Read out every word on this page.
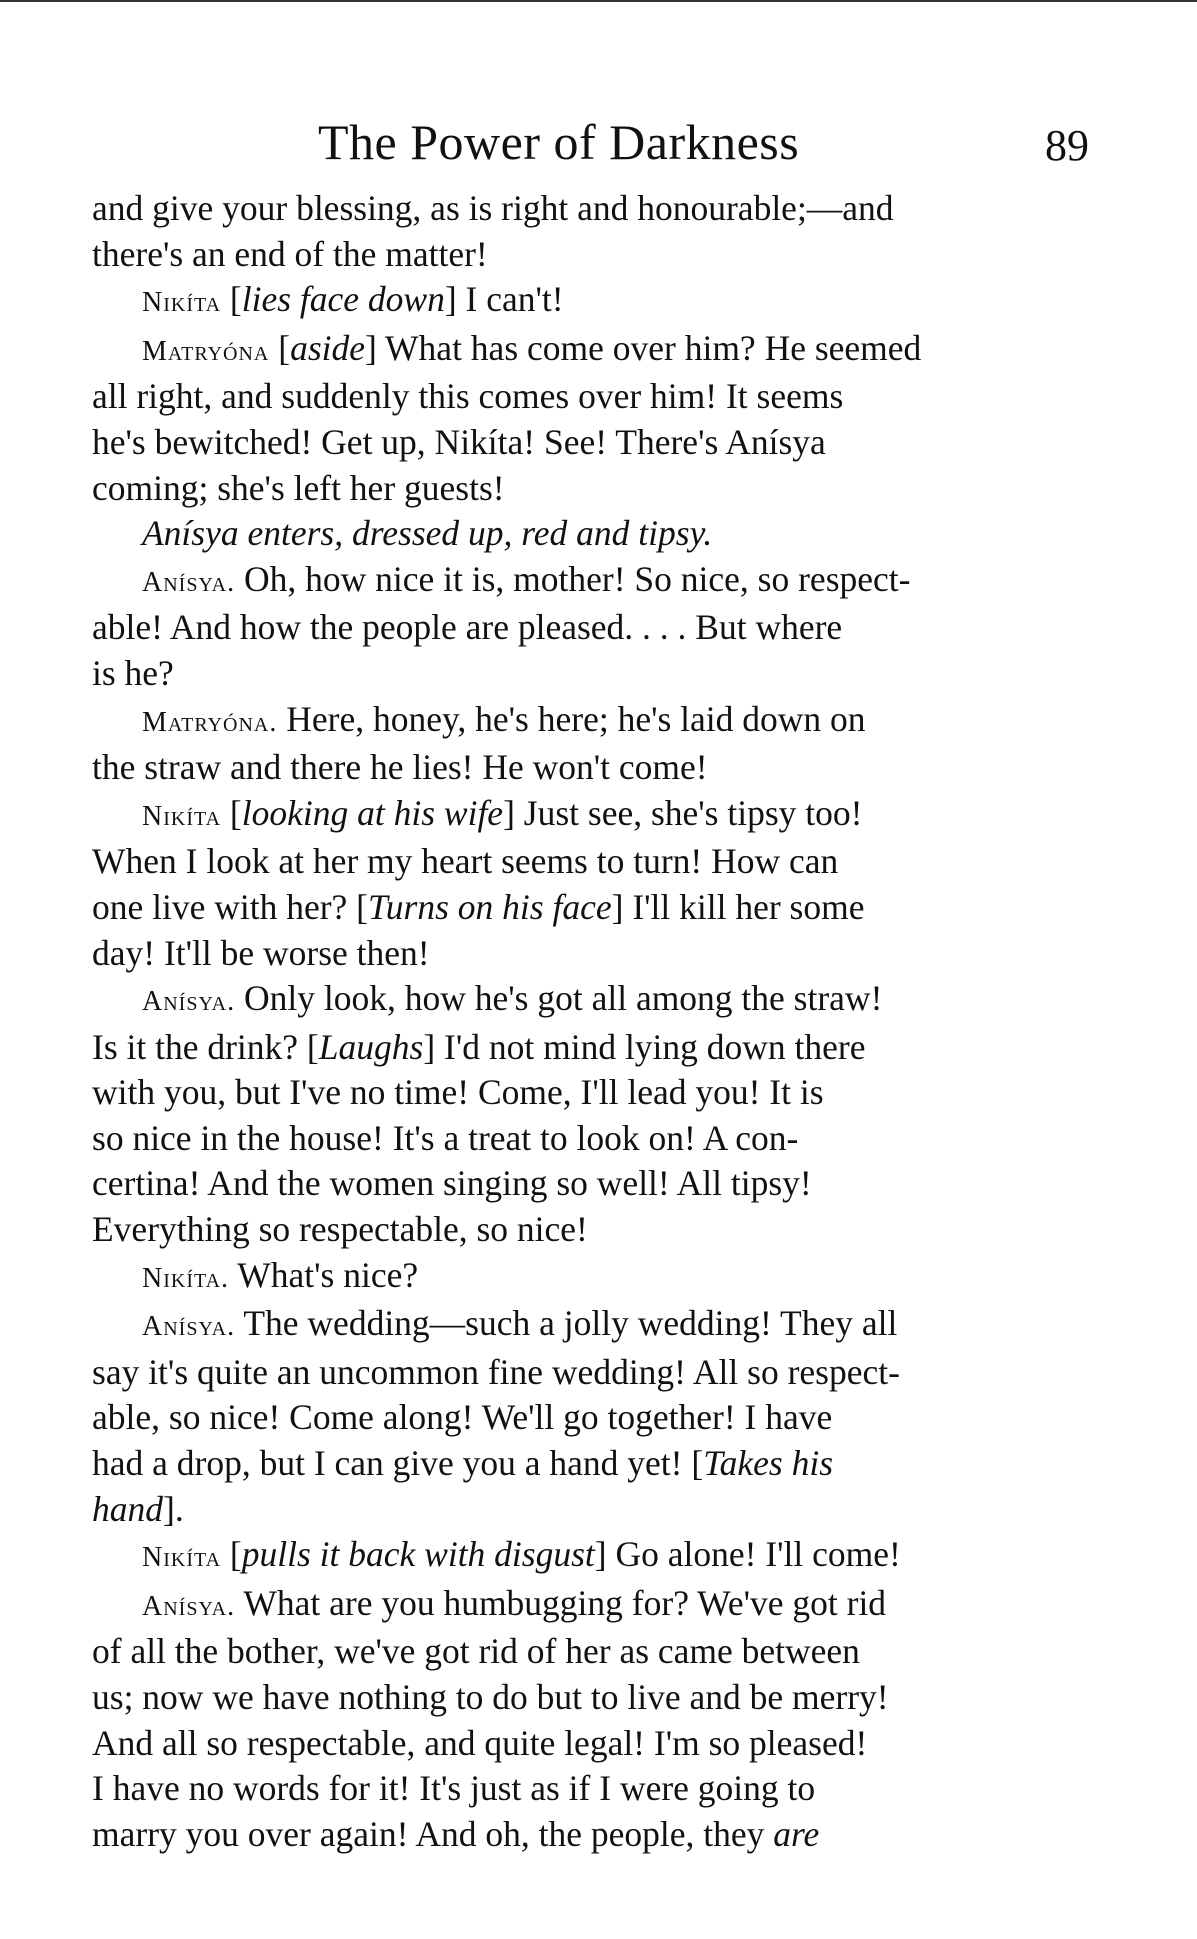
The Power of Darkness	89

and give your blessing, as is right and honourable;—and

there's an end of the matter!

Nikíta [lies face down] I can't!

Matryóna [aside] What has come over him? He seemed

all right, and suddenly this comes over him! It seems

he's bewitched! Get up, Nikíta! See! There's Anísya

coming; she's left her guests!

Anísya enters, dressed up, red and tipsy.

Anísya. Oh, how nice it is, mother! So nice, so respect-

able! And how the people are pleased. . . . But where

is he?

Matryóna. Here, honey, he's here; he's laid down on

the straw and there he lies! He won't come!

Nikíta [looking at his wife] Just see, she's tipsy too!

When I look at her my heart seems to turn! How can

one live with her? [Turns on his face] I'll kill her some

day! It'll be worse then!

Anísya. Only look, how he's got all among the straw!

Is it the drink? [Laughs] I'd not mind lying down there

with you, but I've no time! Come, I'll lead you! It is

so nice in the house! It's a treat to look on! A con-

certina! And the women singing so well! All tipsy!

Everything so respectable, so nice!

Nikíta. What's nice?

Anísya. The wedding—such a jolly wedding! They all

say it's quite an uncommon fine wedding! All so respect-

able, so nice! Come along! We'll go together! I have

had a drop, but I can give you a hand yet! [Takes his

hand].

Nikíta [pulls it back with disgust] Go alone! I'll come!

Anísya. What are you humbugging for? We've got rid

of all the bother, we've got rid of her as came between

us; now we have nothing to do but to live and be merry!

And all so respectable, and quite legal! I'm so pleased!

I have no words for it! It's just as if I were going to

marry you over again! And oh, the people, they are
